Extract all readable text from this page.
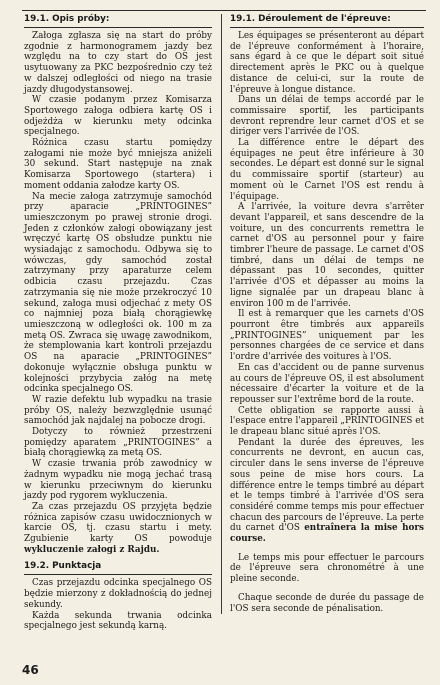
19.1. Opis próby:

Załoga zgłasza się na start do próby zgodnie z harmonogramem jazdy bez względu na to czy start do OS jest usytuowany za PKC bezpośrednio czy też w dalszej odległości od niego na trasie jazdy długodystansowej.

W czasie podanym przez Komisarza Sportowego załoga odbiera kartę OS i odjeżdża w kierunku mety odcinka specjalnego.

Różnica czasu startu pomiędzy załogami nie może być mniejsza aniżeli 30 sekund. Start następuje na znak Komisarza Sportowego (startera) i moment oddania załodze karty OS.

Na mecie załoga zatrzymuje samochód przy aparacie „PRINTOGINES” umieszczonym po prawej stronie drogi. Jeden z członków załogi obowiązany jest wręczyć kartę OS obsłudze punktu nie wysiadając z samochodu. Odbywa się to wówczas, gdy samochód został zatrzymany przy aparaturze celem odbicia czasu przejazdu. Czas zatrzymania się nie może przekroczyć 10 sekund, załoga musi odjechać z mety OS co najmniej poza białą chorągiewkę umieszczoną w odległości ok. 100 m za metą OS. Zwraca się uwagę zawodnikom, że stemplowania kart kontroli przejazdu OS na aparacie „PRINTOGINES” dokonuje wyłącznie obsługa punktu w kolejności przybycia załóg na metę odcinka specjalnego OS.

W razie defektu lub wypadku na trasie próby OS, należy bezwzględnie usunąć samochód jak najdalej na pobocze drogi.

Dotyczy to również przestrzeni pomiędzy aparatem „PRINTOGINES” a białą chorągiewką za metą OS.

W czasie trwania prób zawodnicy w żadnym wypadku nie mogą jechać trasą w kierunku przeciwnym do kierunku jazdy pod rygorem wykluczenia.

Za czas przejazdu OS przyjęta będzie różnica zapisów czasu uwidocznionych w karcie OS, tj. czasu startu i mety. Zgubienie karty OS powoduje wykluczenie załogi z Rajdu.

19.2. Punktacja

Czas przejazdu odcinka specjalnego OS będzie mierzony z dokładnością do jednej sekundy.

Każda sekunda trwania odcinka specjalnego jest sekundą karną.

19.1. Déroulement de l'épreuve:

Les équipages se présenteront au départ de l'épreuve conformément à l'horaire, sans égard à ce que le départ soit situé directement après le PKC ou à quelque distance de celui-ci, sur la route de l'épreuve à longue distance.

Dans un délai de temps accordé par le commissaire sportif, les participants devront reprendre leur carnet d'OS et se diriger vers l'arrivée de l'OS.

La différence entre le départ des équipages ne peut être inférieure à 30 secondes. Le départ est donné sur le signal du commissaire sportif (starteur) au moment où le Carnet l'OS est rendu à l'équipage.

A l'arrivée, la voiture devra s'arrêter devant l'appareil, et sans descendre de la voiture, un des concurrents remettra le carnet d'OS au personnel pour y faire timbrer l'heure de passage. Le carnet d'OS timbré, dans un délai de temps ne dépassant pas 10 secondes, quitter l'arrivée d'OS et dépasser au moins la ligne signalée par un drapeau blanc à environ 100 m de l'arrivée.

Il est à remarquer que les carnets d'OS pourront être timbrés aux appareils „PRINTOGINES” uniquement par les personnes chargées de ce service et dans l'ordre d'arrivée des voitures à l'OS.

En cas d'accident ou de panne survenus au cours de l'épreuve OS, il est absolument nécessaire d'écarter la voiture et de la repousser sur l'extrême bord de la route.

Cette obligation se rapporte aussi à l'espace entre l'appareil „PRINTOGINES et le drapeau blanc situé après l'OS.

Pendant la durée des épreuves, les concurrents ne devront, en aucun cas, circuler dans le sens inverse de l'épreuve sous peine de mise hors cours. La différence entre le temps timbré au départ et le temps timbré à l'arrivée d'OS sera considéré comme temps mis pour effectuer chacun des parcours de l'épreuve. La perte du carnet d'OS entraînera la mise hors course.

Le temps mis pour effectuer le parcours de l'épreuve sera chronométré à une pleine seconde.

Chaque seconde de durée du passage de l'OS sera seconde de pénalisation.

46
